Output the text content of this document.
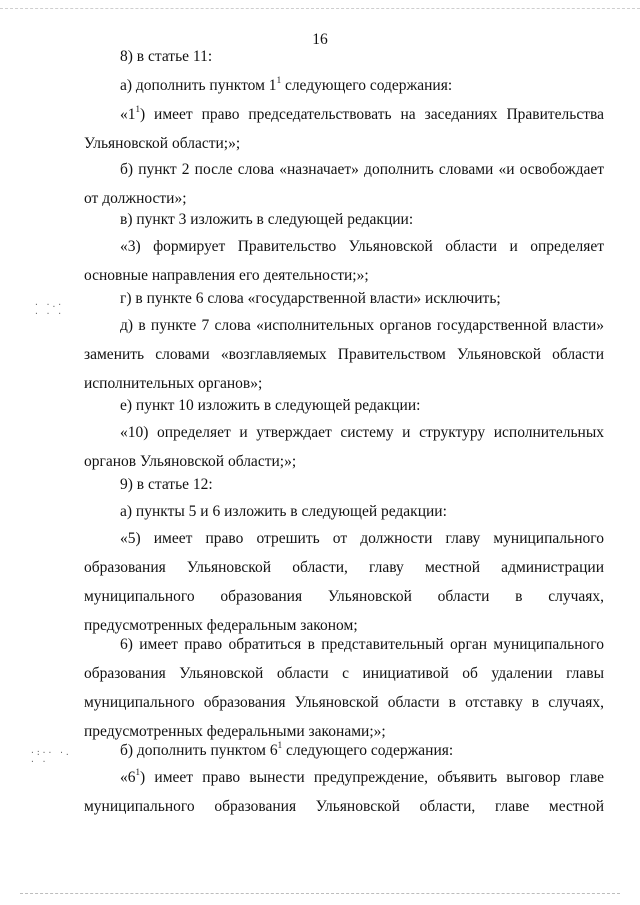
16

8) в статье 11:

а) дополнить пунктом $1^1$ следующего содержания:

«$1^1$) имеет право председательствовать на заседаниях Правительства Ульяновской области;»;

б) пункт 2 после слова «назначает» дополнить словами «и освобождает от должности»;

в) пункт 3 изложить в следующей редакции:

«3) формирует Правительство Ульяновской области и определяет основные направления его деятельности;»;

г) в пункте 6 слова «государственной власти» исключить;

д) в пункте 7 слова «исполнительных органов государственной власти» заменить словами «возглавляемых Правительством Ульяновской области исполнительных органов»;

е) пункт 10 изложить в следующей редакции:

«10) определяет и утверждает систему и структуру исполнительных органов Ульяновской области;»;

9) в статье 12:

а) пункты 5 и 6 изложить в следующей редакции:

«5) имеет право отрешить от должности главу муниципального образования Ульяновской области, главу местной администрации муниципального образования Ульяновской области в случаях, предусмотренных федеральным законом;

6) имеет право обратиться в представительный орган муниципального образования Ульяновской области с инициативой об удалении главы муниципального образования Ульяновской области в отставку в случаях, предусмотренных федеральными законами;»;

б) дополнить пунктом $6^1$ следующего содержания:

«$6^1$) имеет право вынести предупреждение, объявить выговор главе муниципального образования Ульяновской области, главе местной

· ·.·
· · ·
·:·· ·.
· ·
